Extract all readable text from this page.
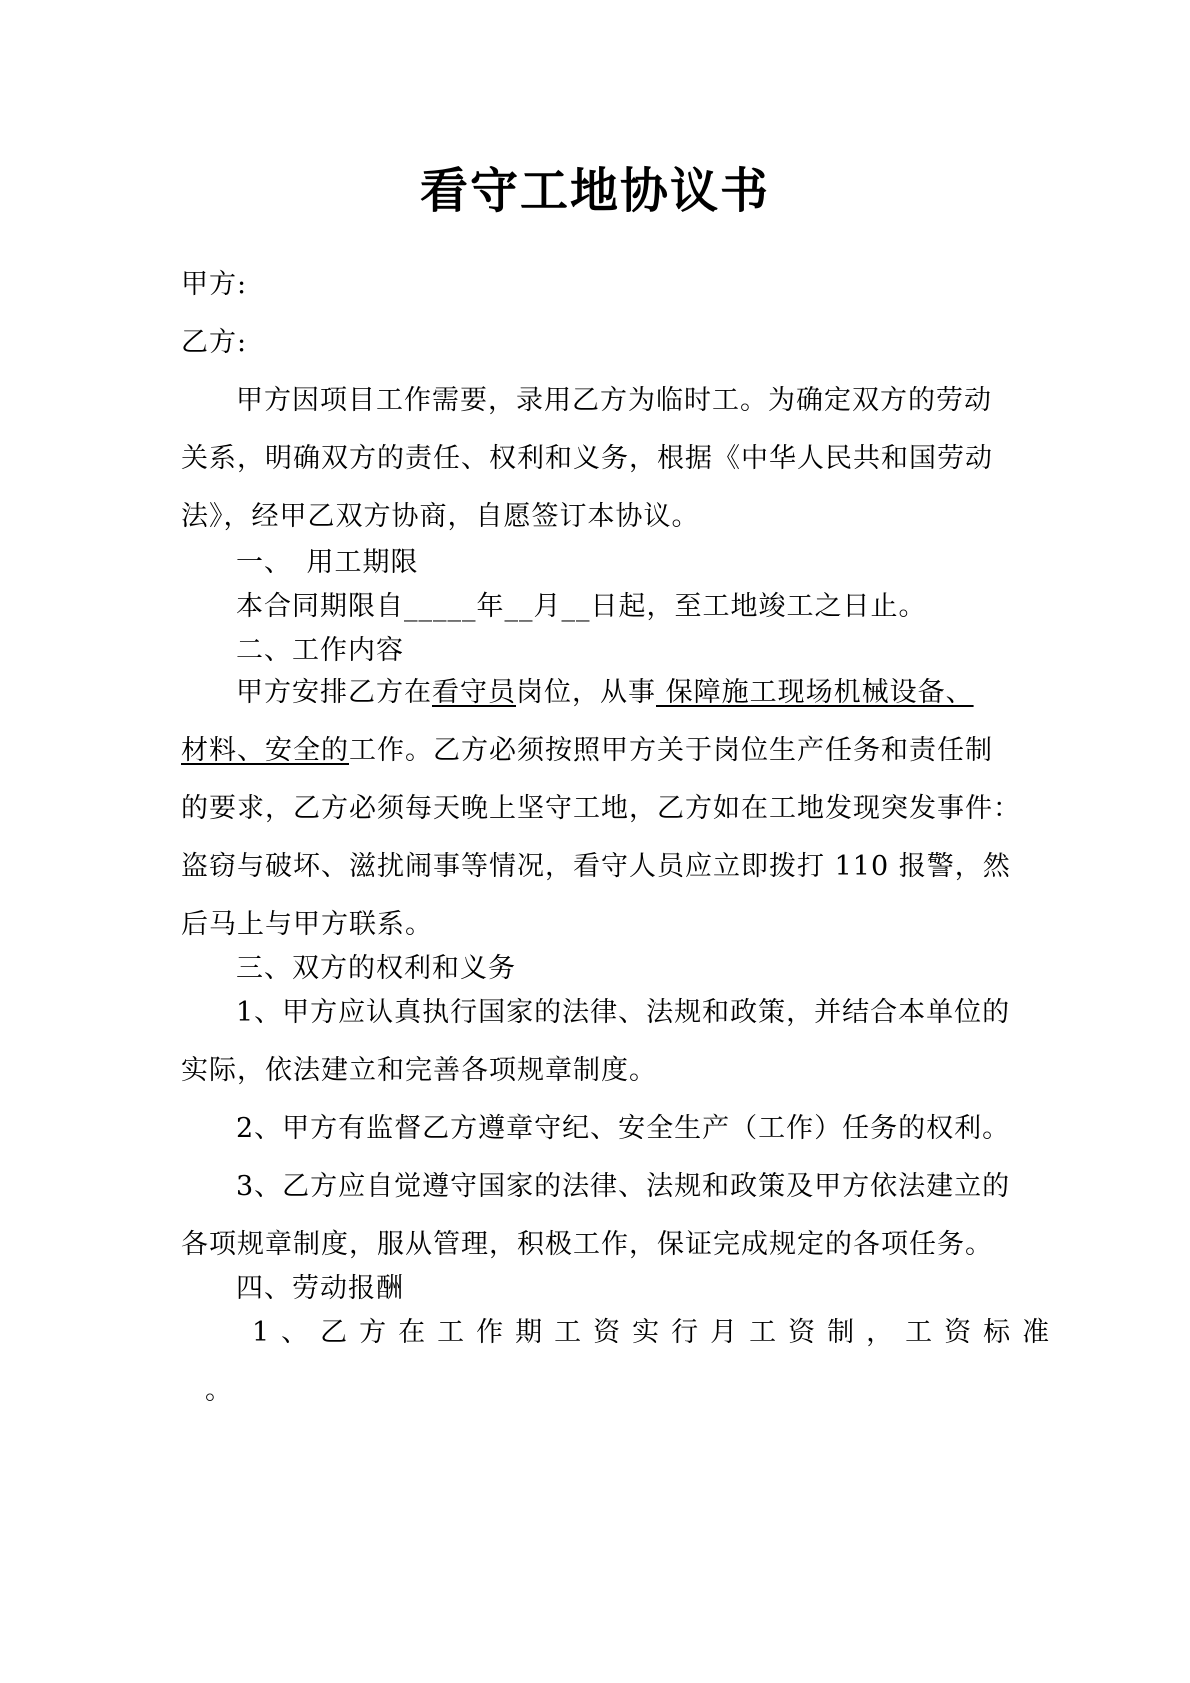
看守工地协议书
甲方:
乙方:
甲方因项目工作需要，录用乙方为临时工。为确定双方的劳动
关系，明确双方的责任、权利和义务，根据《中华人民共和国劳动
法》，经甲乙双方协商，自愿签订本协议。
一、　用工期限
本合同期限自_____年__月__日起，至工地竣工之日止。
二、工作内容
甲方安排乙方在看守员岗位，从事 保障施工现场机械设备、
材料、安全的工作。乙方必须按照甲方关于岗位生产任务和责任制
的要求，乙方必须每天晚上坚守工地，乙方如在工地发现突发事件：
盗窃与破坏、滋扰闹事等情况，看守人员应立即拨打 110 报警，然
后马上与甲方联系。
三、双方的权利和义务
1、甲方应认真执行国家的法律、法规和政策，并结合本单位的
实际，依法建立和完善各项规章制度。
2、甲方有监督乙方遵章守纪、安全生产（工作）任务的权利。
3、乙方应自觉遵守国家的法律、法规和政策及甲方依法建立的
各项规章制度，服从管理，积极工作，保证完成规定的各项任务。
四、劳动报酬
1、乙方在工作期工资实行月工资制，工资标准
。
